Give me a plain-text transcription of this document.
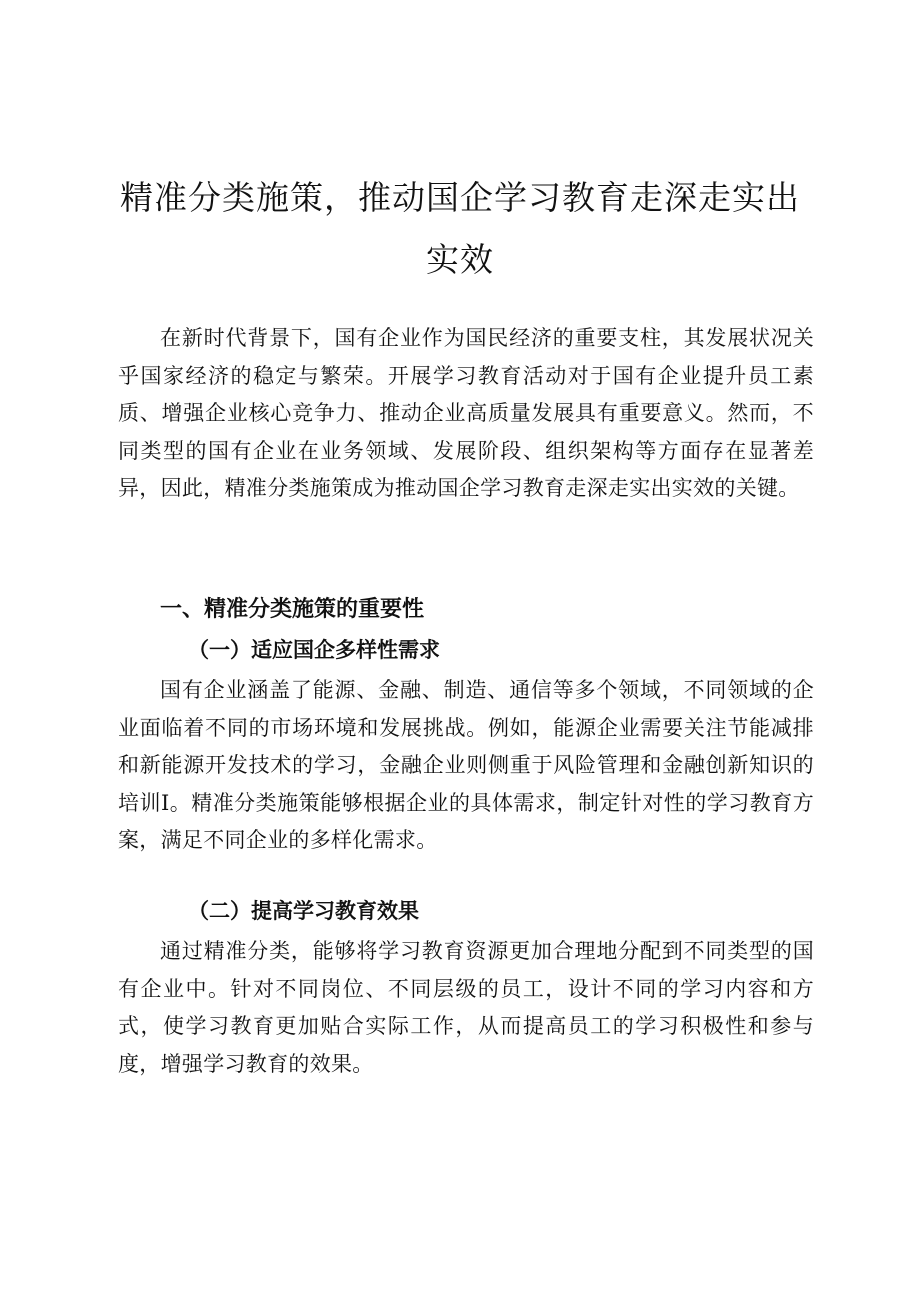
精准分类施策，推动国企学习教育走深走实出
实效

在新时代背景下，国有企业作为国民经济的重要支柱，其发展状况关乎国家经济的稳定与繁荣。开展学习教育活动对于国有企业提升员工素质、增强企业核心竞争力、推动企业高质量发展具有重要意义。然而，不同类型的国有企业在业务领域、发展阶段、组织架构等方面存在显著差异，因此，精准分类施策成为推动国企学习教育走深走实出实效的关键。

一、精准分类施策的重要性
（一）适应国企多样性需求

国有企业涵盖了能源、金融、制造、通信等多个领域，不同领域的企业面临着不同的市场环境和发展挑战。例如，能源企业需要关注节能减排和新能源开发技术的学习，金融企业则侧重于风险管理和金融创新知识的培训I。精准分类施策能够根据企业的具体需求，制定针对性的学习教育方案，满足不同企业的多样化需求。

（二）提高学习教育效果

通过精准分类，能够将学习教育资源更加合理地分配到不同类型的国有企业中。针对不同岗位、不同层级的员工，设计不同的学习内容和方式，使学习教育更加贴合实际工作，从而提高员工的学习积极性和参与度，增强学习教育的效果。
